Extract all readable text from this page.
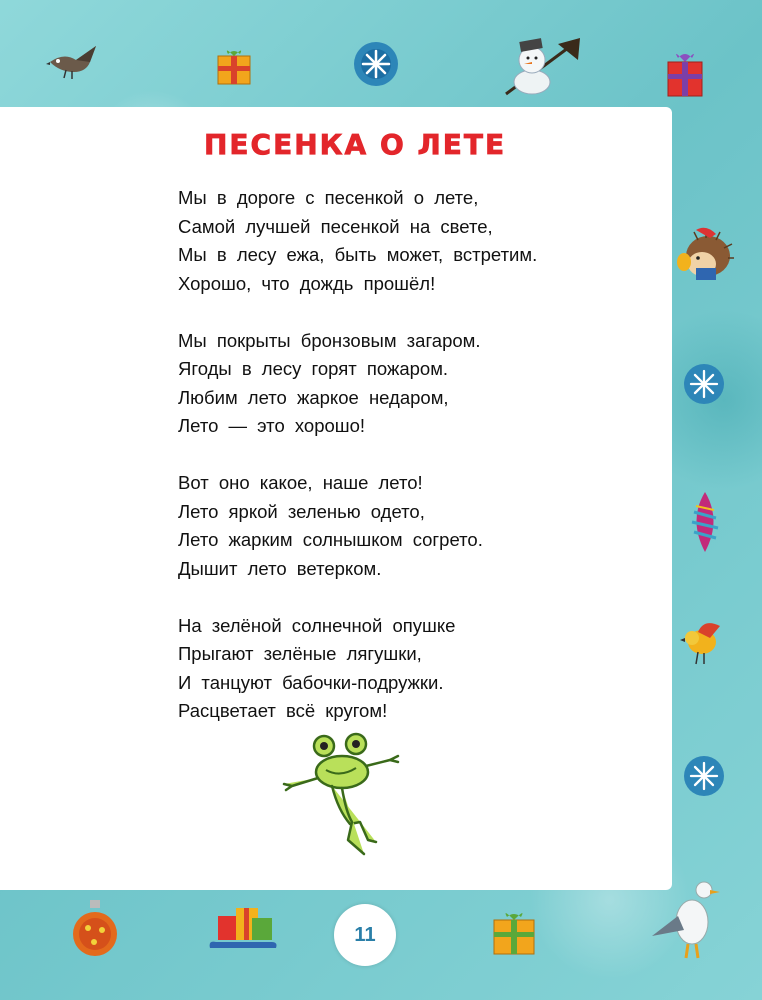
ПЕСЕНКА О ЛЕТЕ

Мы в дороге с песенкой о лете,
Самой лучшей песенкой на свете,
Мы в лесу ежа, быть может, встретим.
Хорошо, что дождь прошёл!

Мы покрыты бронзовым загаром.
Ягоды в лесу горят пожаром.
Любим лето жаркое недаром,
Лето — это хорошо!

Вот оно какое, наше лето!
Лето яркой зеленью одето,
Лето жарким солнышком согрето.
Дышит лето ветерком.

На зелёной солнечной опушке
Прыгают зелёные лягушки,
И танцуют бабочки-подружки.
Расцветает всё кругом!

11
